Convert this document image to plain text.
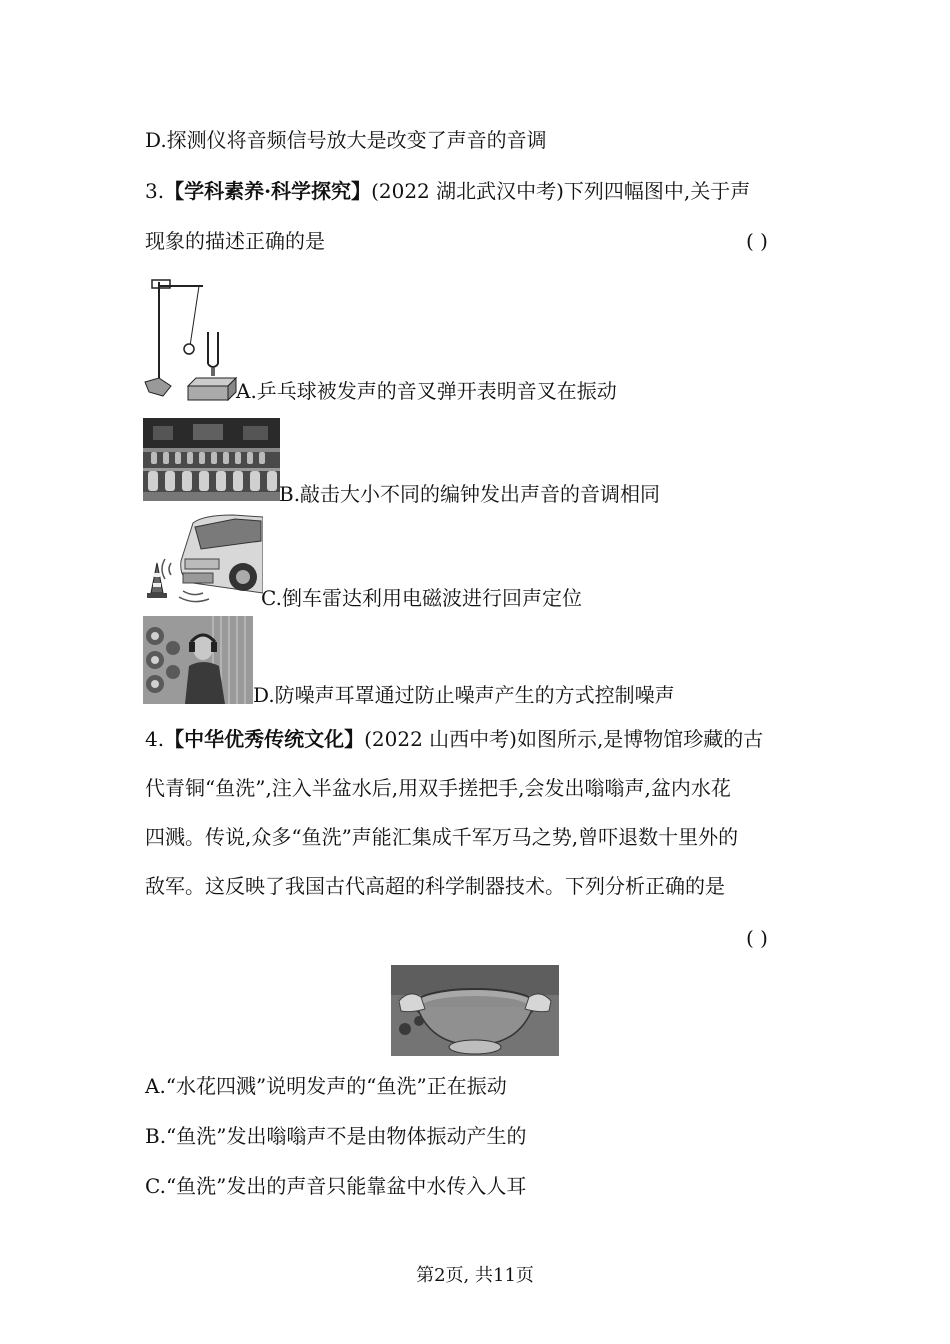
D.探测仪将音频信号放大是改变了声音的音调
3.【学科素养·科学探究】(2022 湖北武汉中考)下列四幅图中,关于声
现象的描述正确的是	( )
A.乒乓球被发声的音叉弹开表明音叉在振动
B.敲击大小不同的编钟发出声音的音调相同
C.倒车雷达利用电磁波进行回声定位
D.防噪声耳罩通过防止噪声产生的方式控制噪声
4.【中华优秀传统文化】(2022 山西中考)如图所示,是博物馆珍藏的古
代青铜“鱼洗”,注入半盆水后,用双手搓把手,会发出嗡嗡声,盆内水花
四溅。传说,众多“鱼洗”声能汇集成千军万马之势,曾吓退数十里外的
敌军。这反映了我国古代高超的科学制器技术。下列分析正确的是
( )
A.“水花四溅”说明发声的“鱼洗”正在振动
B.“鱼洗”发出嗡嗡声不是由物体振动产生的
C.“鱼洗”发出的声音只能靠盆中水传入人耳
第2页, 共11页
